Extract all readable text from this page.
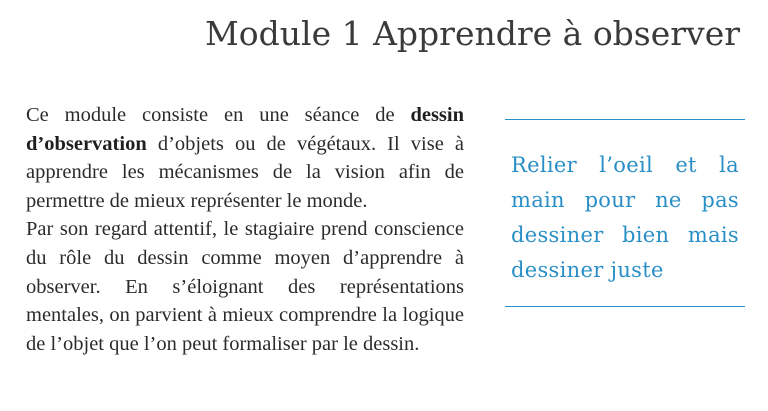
Module 1 Apprendre à observer

Ce module consiste en une séance de dessin d’observation d’objets ou de végétaux. Il vise à apprendre les mécanismes de la vision afin de permettre de mieux représenter le monde.

Par son regard attentif, le stagiaire prend conscience du rôle du dessin comme moyen d’apprendre à observer. En s’éloignant des représentations mentales, on parvient à mieux comprendre la logique de l’objet que l’on peut formaliser par le dessin.

Relier l’oeil et la main pour ne pas dessiner bien mais dessiner juste
